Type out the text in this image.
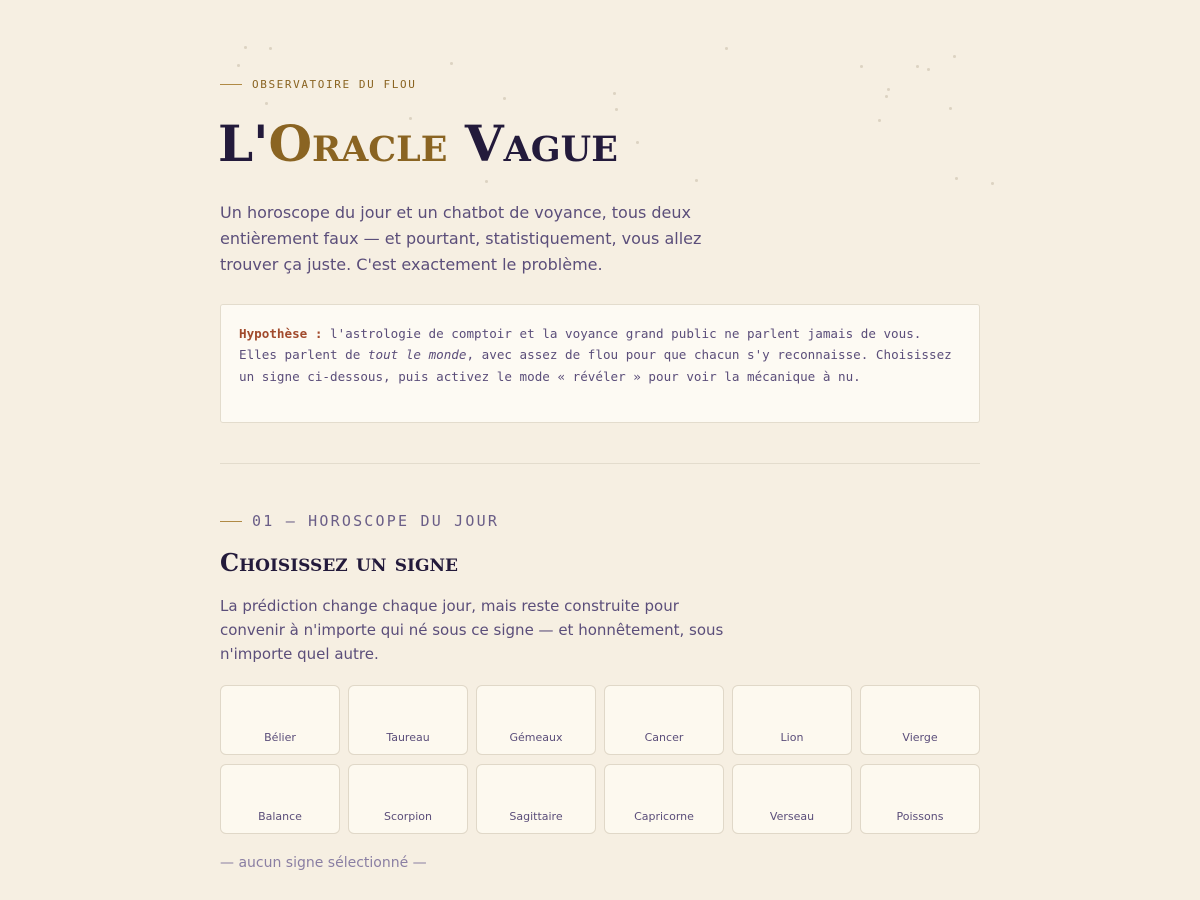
OBSERVATOIRE DU FLOU
L'Oracle Vague

Un horoscope du jour et un chatbot de voyance, tous deux entièrement faux — et pourtant, statistiquement, vous allez trouver ça juste. C'est exactement le problème.

Hypothèse : l'astrologie de comptoir et la voyance grand public ne parlent jamais de vous. Elles parlent de tout le monde, avec assez de flou pour que chacun s'y reconnaisse. Choisissez un signe ci-dessous, puis activez le mode « révéler » pour voir la mécanique à nu.
01 — HOROSCOPE DU JOUR
Choisissez un signe

La prédiction change chaque jour, mais reste construite pour convenir à n'importe qui né sous ce signe — et honnêtement, sous n'importe quel autre.

Bélier	Taureau	Gémeaux	Cancer	Lion	Vierge
Balance	Scorpion	Sagittaire	Capricorne	Verseau	Poissons

— aucun signe sélectionné —
